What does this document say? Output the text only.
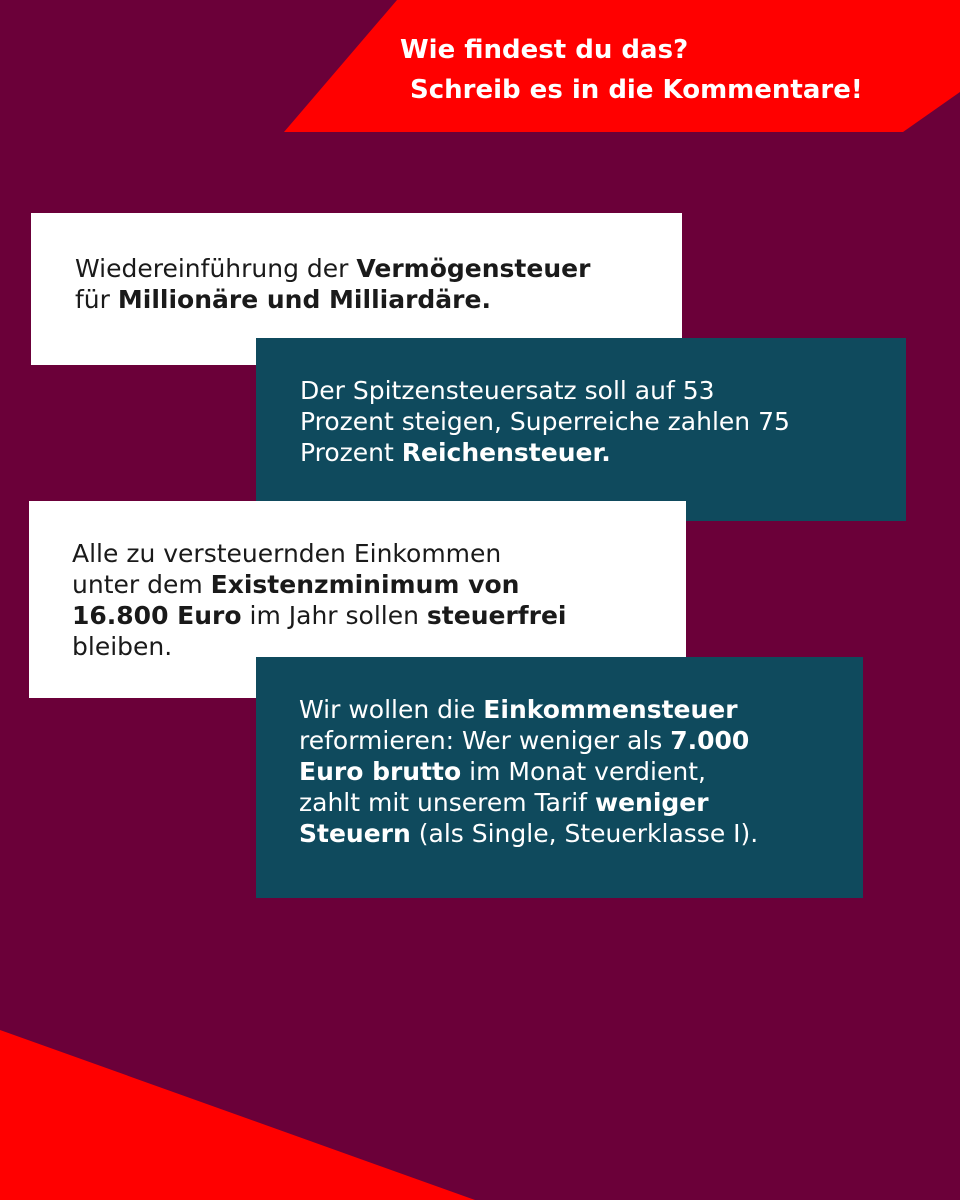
Wie findest du das?
Schreib es in die Kommentare!
Wiedereinführung der Vermögensteuer
für Millionäre und Milliardäre.
Der Spitzensteuersatz soll auf 53
Prozent steigen, Superreiche zahlen 75
Prozent Reichensteuer.
Alle zu versteuernden Einkommen
unter dem Existenzminimum von
16.800 Euro im Jahr sollen steuerfrei
bleiben.
Wir wollen die Einkommensteuer
reformieren: Wer weniger als 7.000
Euro brutto im Monat verdient,
zahlt mit unserem Tarif weniger
Steuern (als Single, Steuerklasse I).
